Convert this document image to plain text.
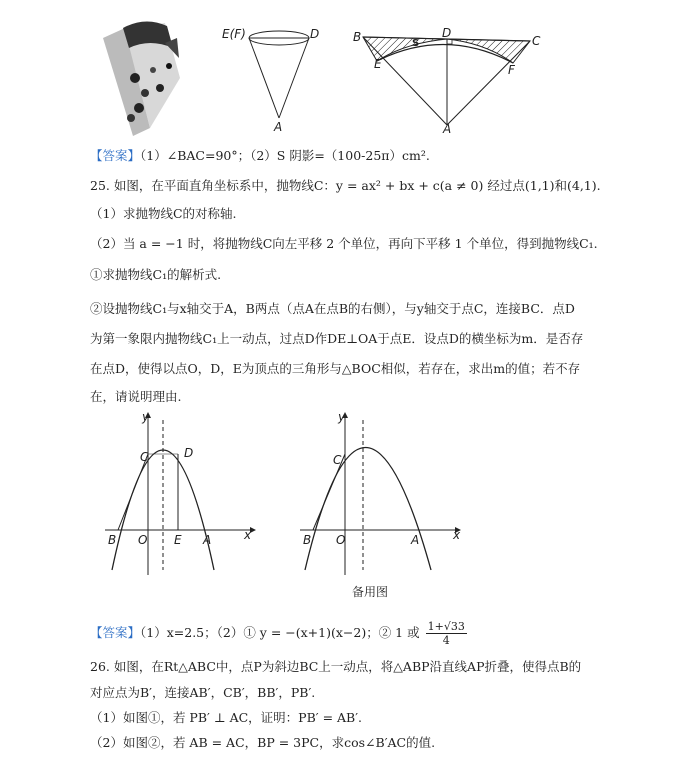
E(F)	D
A
B	D
C
E	F
A
S
【答案】（1）∠BAC=90°；（2）S 阴影=（100-25π）cm².
25. 如图，在平面直角坐标系中，抛物线C：y = ax² + bx + c(a ≠ 0) 经过点(1,1)和(4,1).
（1）求抛物线C的对称轴.
（2）当 a = −1 时，将抛物线C向左平移 2 个单位，再向下平移 1 个单位，得到抛物线C₁.
①求抛物线C₁的解析式.
②设抛物线C₁与x轴交于A，B两点（点A在点B的右侧），与y轴交于点C，连接BC．点D
为第一象限内抛物线C₁上一动点，过点D作DE⊥OA于点E．设点D的横坐标为m．是否存
在点D，使得以点O，D，E为顶点的三角形与△BOC相似，若存在，求出m的值；若不存
在，请说明理由.
y
x
B O
C	D
E A
y
x
B O
C
A
备用图
【答案】（1）x=2.5；（2）① y = −(x+1)(x−2)；② 1 或 $\frac{1+√33}{4}$
26. 如图，在Rt△ABC中，点P为斜边BC上一动点，将△ABP沿直线AP折叠，使得点B的
对应点为B′，连接AB′，CB′，BB′，PB′.
（1）如图①，若 PB′ ⊥ AC，证明：PB′ = AB′.
（2）如图②，若 AB = AC，BP = 3PC，求cos∠B′AC的值.
